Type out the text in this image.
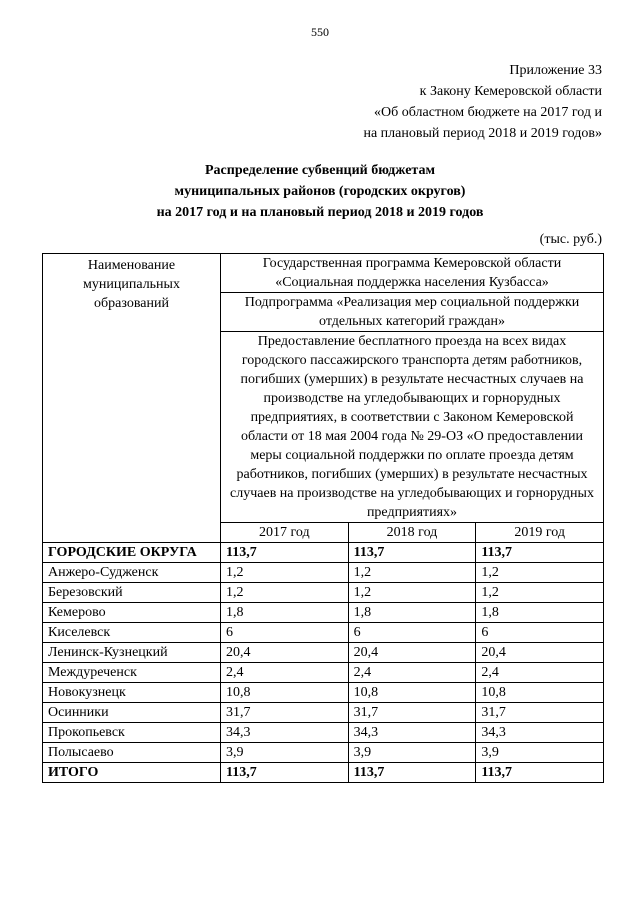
550
Приложение 33
к Закону Кемеровской области
«Об областном бюджете на 2017 год и
на плановый период 2018 и 2019 годов»
Распределение субвенций бюджетам
муниципальных районов (городских округов)
на 2017 год и на плановый период 2018 и 2019 годов
(тыс. руб.)
Наименование муниципальных образований	Государственная программа Кемеровской области «Социальная поддержка населения Кузбасса»		
	Подпрограмма «Реализация мер социальной поддержки отдельных категорий граждан»		
	Предоставление бесплатного проезда на всех видах городского пассажирского транспорта детям работников, погибших (умерших) в результате несчастных случаев на производстве на угледобывающих и горнорудных предприятиях, в соответствии с Законом Кемеровской области от 18 мая 2004 года № 29-ОЗ «О предоставлении меры социальной поддержки по оплате проезда детям работников, погибших (умерших) в результате несчастных случаев на производстве на угледобывающих и горнорудных предприятиях»		
	2017 год	2018 год	2019 год
ГОРОДСКИЕ ОКРУГА	113,7	113,7	113,7
Анжеро-Судженск	1,2	1,2	1,2
Березовский	1,2	1,2	1,2
Кемерово	1,8	1,8	1,8
Киселевск	6	6	6
Ленинск-Кузнецкий	20,4	20,4	20,4
Междуреченск	2,4	2,4	2,4
Новокузнецк	10,8	10,8	10,8
Осинники	31,7	31,7	31,7
Прокопьевск	34,3	34,3	34,3
Полысаево	3,9	3,9	3,9
ИТОГО	113,7	113,7	113,7
